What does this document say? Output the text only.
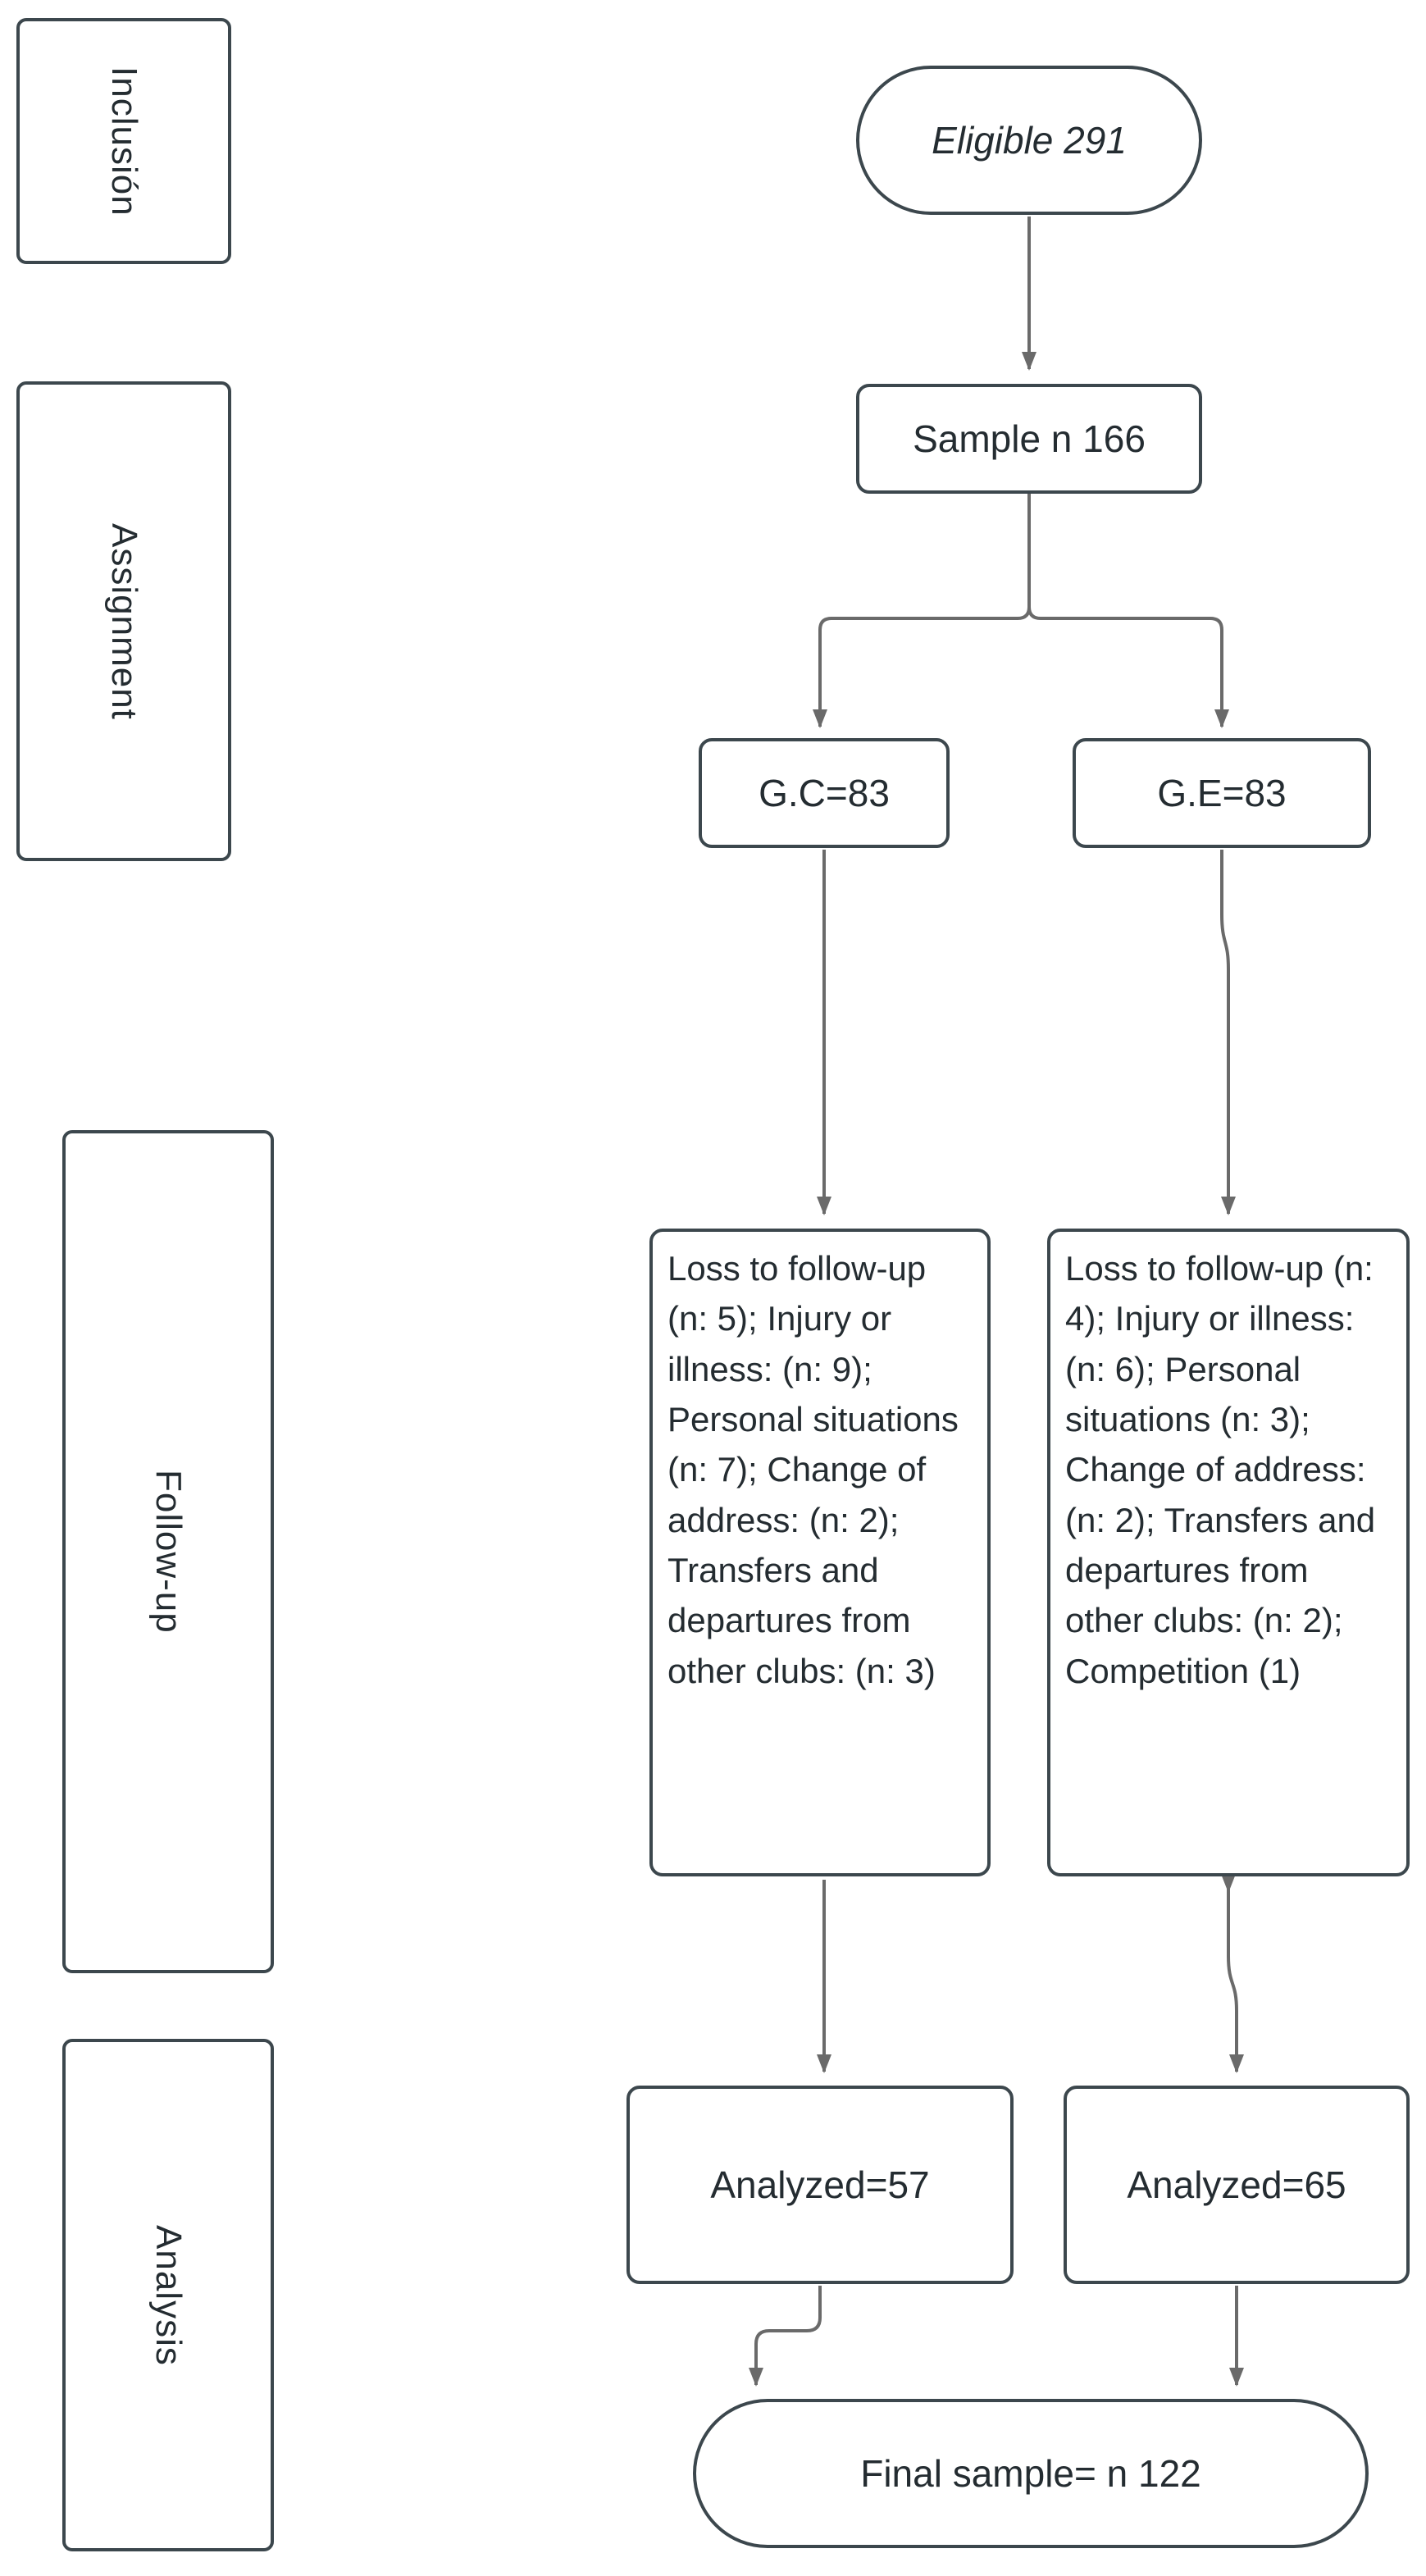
Inclusión
Assignment
Follow-up
Analysis
Eligible 291
Sample n 166
G.C=83	G.E=83
Loss to follow-up (n: 5); Injury or illness: (n: 9); Personal situations (n: 7); Change of address: (n: 2); Transfers and departures from other clubs: (n: 3)
Loss to follow-up (n: 4); Injury or illness: (n: 6); Personal situations (n: 3); Change of address: (n: 2); Transfers and departures from other clubs: (n: 2); Competition (1)
Analyzed=57	Analyzed=65
Final sample= n 122
